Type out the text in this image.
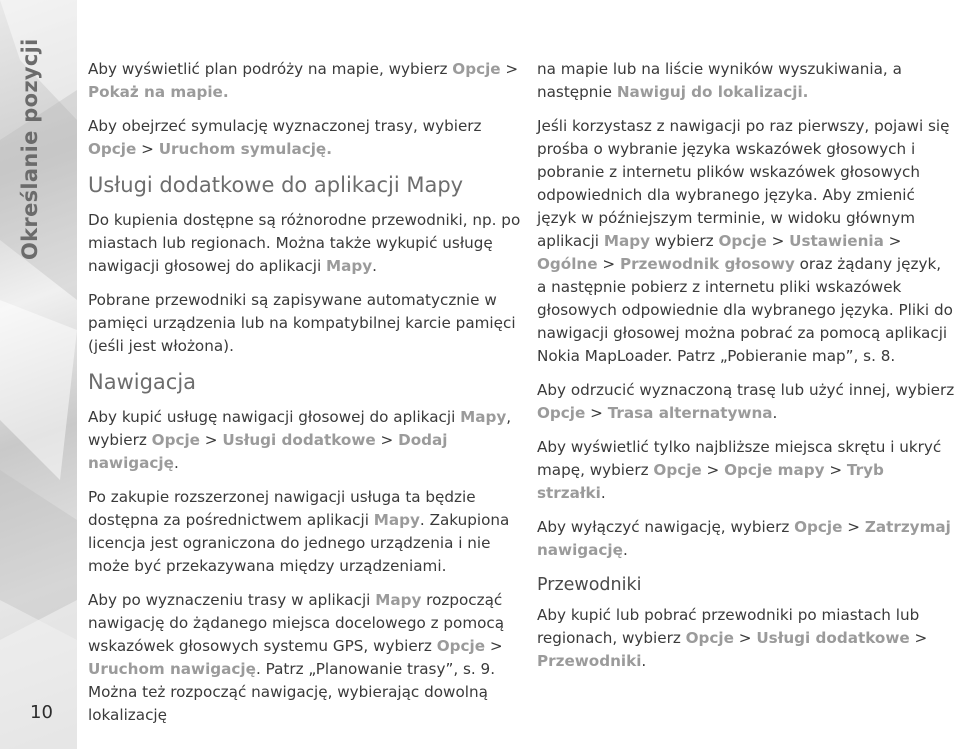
Określanie pozycji
10

Aby wyświetlić plan podróży na mapie, wybierz Opcje > Pokaż na mapie.

Aby obejrzeć symulację wyznaczonej trasy, wybierz Opcje > Uruchom symulację.

Usługi dodatkowe do aplikacji Mapy

Do kupienia dostępne są różnorodne przewodniki, np. po miastach lub regionach. Można także wykupić usługę nawigacji głosowej do aplikacji Mapy.

Pobrane przewodniki są zapisywane automatycznie w pamięci urządzenia lub na kompatybilnej karcie pamięci (jeśli jest włożona).

Nawigacja

Aby kupić usługę nawigacji głosowej do aplikacji Mapy, wybierz Opcje > Usługi dodatkowe > Dodaj nawigację.

Po zakupie rozszerzonej nawigacji usługa ta będzie dostępna za pośrednictwem aplikacji Mapy. Zakupiona licencja jest ograniczona do jednego urządzenia i nie może być przekazywana między urządzeniami.

Aby po wyznaczeniu trasy w aplikacji Mapy rozpocząć nawigację do żądanego miejsca docelowego z pomocą wskazówek głosowych systemu GPS, wybierz Opcje > Uruchom nawigację. Patrz „Planowanie trasy”, s. 9. Można też rozpocząć nawigację, wybierając dowolną lokalizację

na mapie lub na liście wyników wyszukiwania, a następnie Nawiguj do lokalizacji.

Jeśli korzystasz z nawigacji po raz pierwszy, pojawi się prośba o wybranie języka wskazówek głosowych i pobranie z internetu plików wskazówek głosowych odpowiednich dla wybranego języka. Aby zmienić język w późniejszym terminie, w widoku głównym aplikacji Mapy wybierz Opcje > Ustawienia > Ogólne > Przewodnik głosowy oraz żądany język, a następnie pobierz z internetu pliki wskazówek głosowych odpowiednie dla wybranego języka. Pliki do nawigacji głosowej można pobrać za pomocą aplikacji Nokia MapLoader. Patrz „Pobieranie map”, s. 8.

Aby odrzucić wyznaczoną trasę lub użyć innej, wybierz Opcje > Trasa alternatywna.

Aby wyświetlić tylko najbliższe miejsca skrętu i ukryć mapę, wybierz Opcje > Opcje mapy > Tryb strzałki.

Aby wyłączyć nawigację, wybierz Opcje > Zatrzymaj nawigację.

Przewodniki

Aby kupić lub pobrać przewodniki po miastach lub regionach, wybierz Opcje > Usługi dodatkowe > Przewodniki.
